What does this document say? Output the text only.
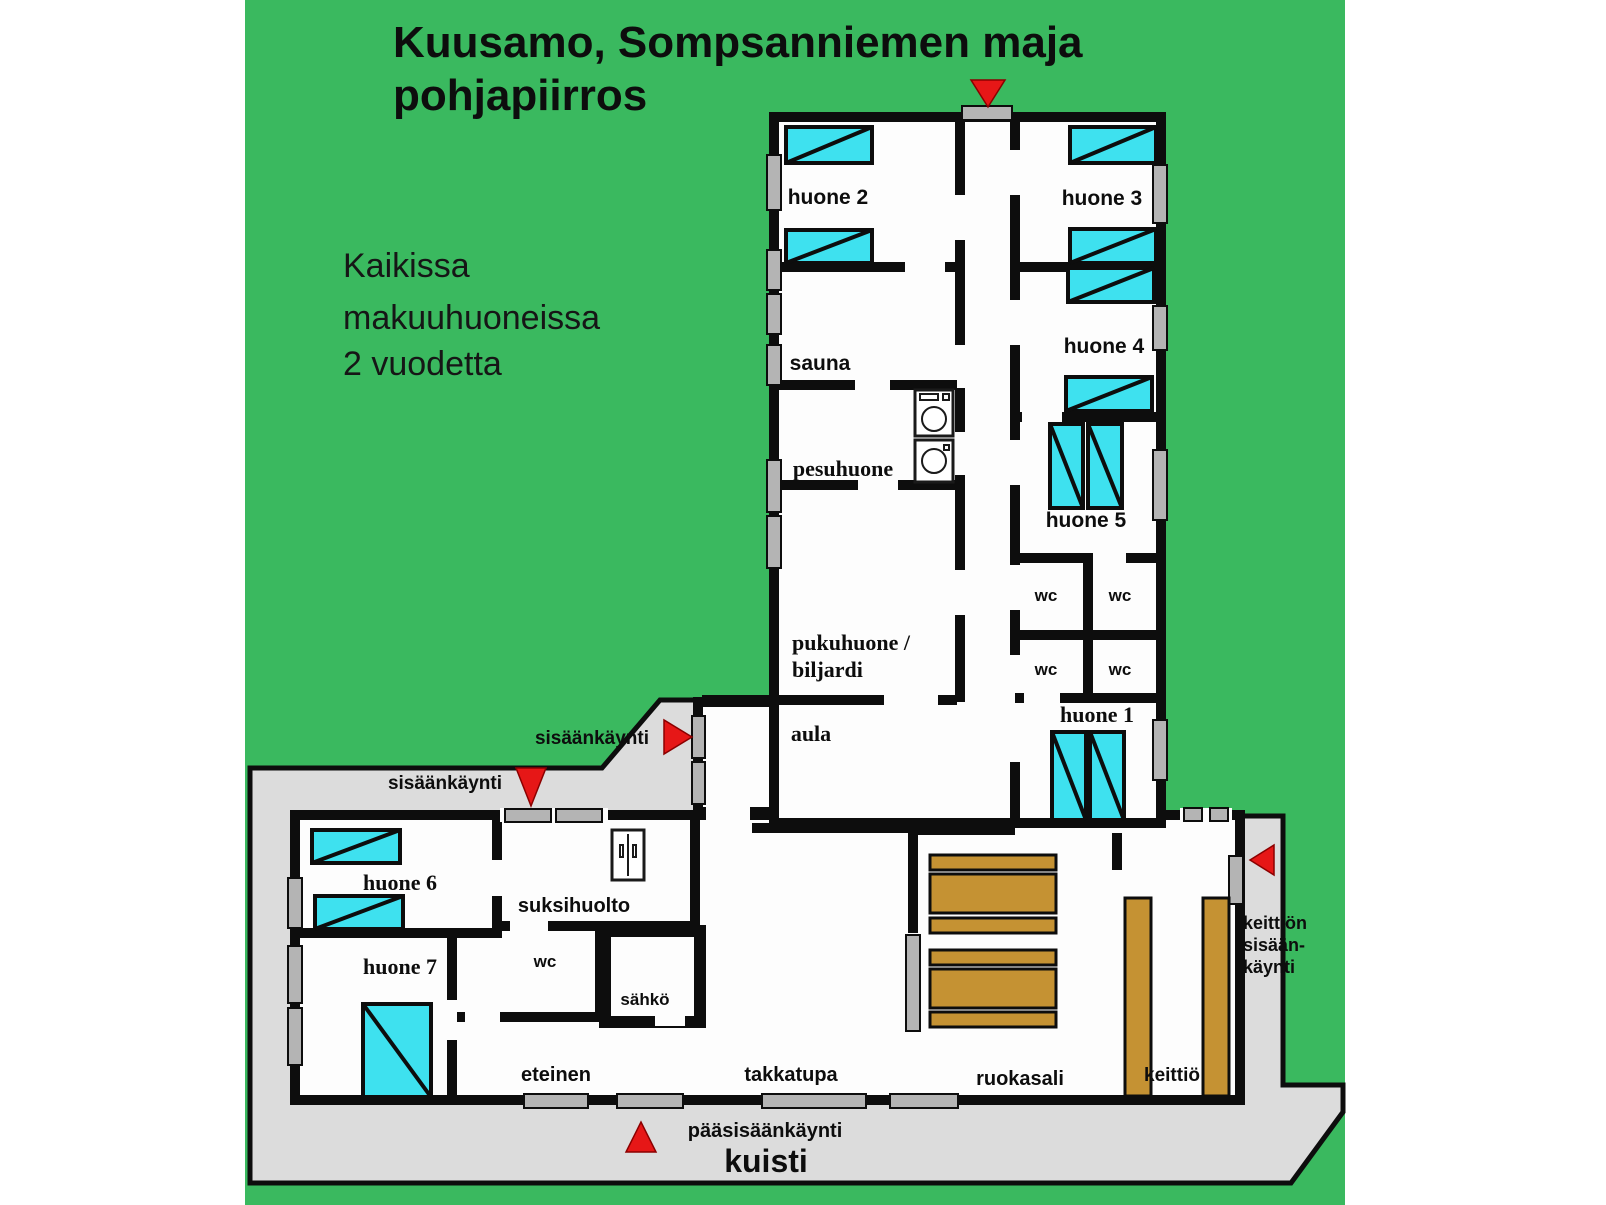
Kuusamo, Sompsanniemen maja
pohjapiirros
Kaikissa
makuuhuoneissa
2 vuodetta
huone 2	huone 3
huone 4
huone 5
sauna
pesuhuone
pukuhuone /
biljardi
aula
huone 1
wc	wc
wc	wc
huone 6
huone 7
suksihuolto
wc
sähkö
eteinen	takkatupa	ruokasali	keittiö
kuisti
sisäänkäynti
sisäänkäynti
pääsisäänkäynti
keittiön
sisään-
käynti
